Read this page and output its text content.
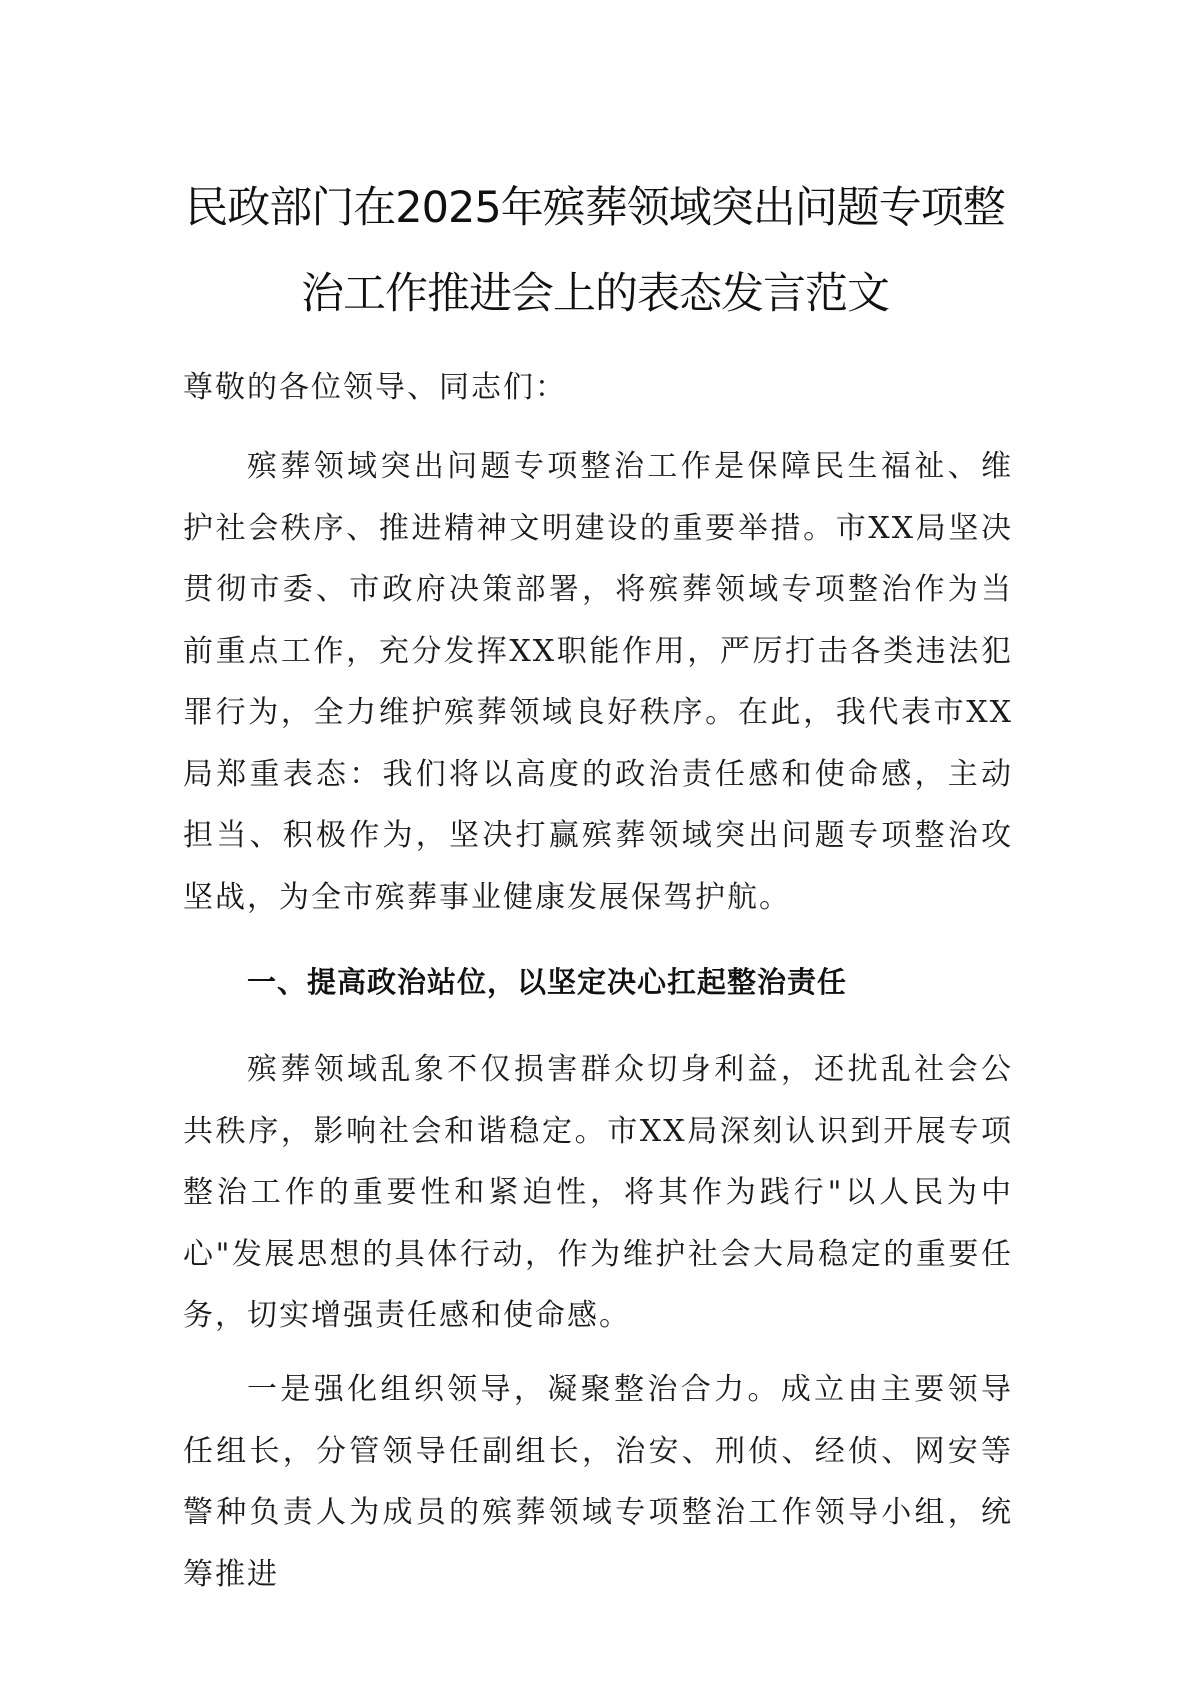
民政部门在2025年殡葬领域突出问题专项整
治工作推进会上的表态发言范文
尊敬的各位领导、同志们：
殡葬领域突出问题专项整治工作是保障民生福祉、维护社会秩序、推进精神文明建设的重要举措。市XX局坚决贯彻市委、市政府决策部署，将殡葬领域专项整治作为当前重点工作，充分发挥XX职能作用，严厉打击各类违法犯罪行为，全力维护殡葬领域良好秩序。在此，我代表市XX局郑重表态：我们将以高度的政治责任感和使命感，主动担当、积极作为，坚决打赢殡葬领域突出问题专项整治攻坚战，为全市殡葬事业健康发展保驾护航。
一、提高政治站位，以坚定决心扛起整治责任
殡葬领域乱象不仅损害群众切身利益，还扰乱社会公共秩序，影响社会和谐稳定。市XX局深刻认识到开展专项整治工作的重要性和紧迫性，将其作为践行"以人民为中心"发展思想的具体行动，作为维护社会大局稳定的重要任务，切实增强责任感和使命感。
一是强化组织领导，凝聚整治合力。成立由主要领导任组长，分管领导任副组长，治安、刑侦、经侦、网安等警种负责人为成员的殡葬领域专项整治工作领导小组，统筹推进
